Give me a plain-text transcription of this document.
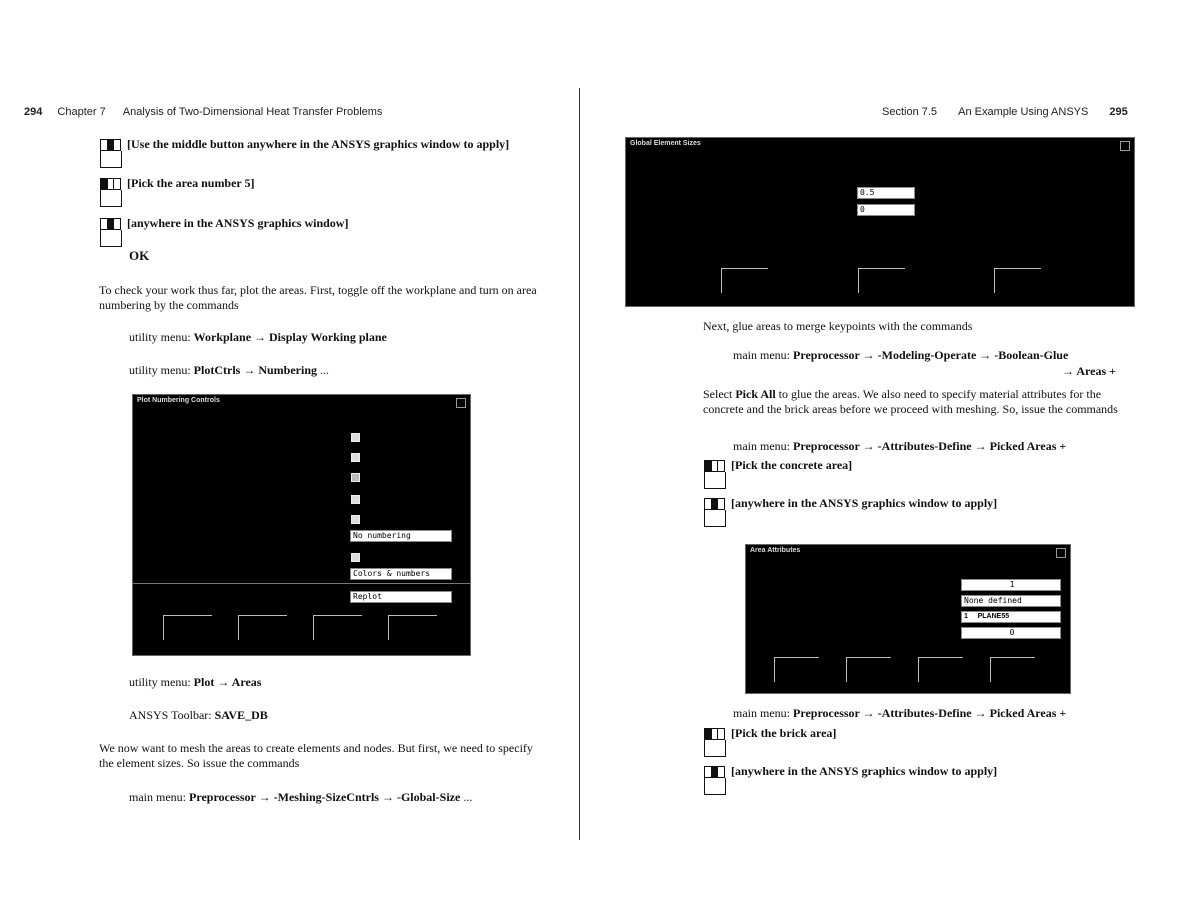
294 Chapter 7 Analysis of Two-Dimensional Heat Transfer Problems
[Use the middle button anywhere in the ANSYS graphics window to apply]
[Pick the area number 5]
[anywhere in the ANSYS graphics window]
OK
To check your work thus far, plot the areas. First, toggle off the workplane and turn on area numbering by the commands
utility menu: Workplane → Display Working plane
utility menu: PlotCtrls → Numbering ...
Plot Numbering Controls
No numbering
Colors & numbers
Replot
utility menu: Plot → Areas
ANSYS Toolbar: SAVE_DB
We now want to mesh the areas to create elements and nodes. But first, we need to specify the element sizes. So issue the commands
main menu: Preprocessor → -Meshing-SizeCntrls → -Global-Size ...
Section 7.5 An Example Using ANSYS 295
Global Element Sizes
0.5
0
Next, glue areas to merge keypoints with the commands
main menu: Preprocessor → -Modeling-Operate → -Boolean-Glue
→ Areas +
Select Pick All to glue the areas. We also need to specify material attributes for the concrete and the brick areas before we proceed with meshing. So, issue the commands
main menu: Preprocessor → -Attributes-Define → Picked Areas +
[Pick the concrete area]
[anywhere in the ANSYS graphics window to apply]
Area Attributes
1
None defined
1     PLANE55
0
main menu: Preprocessor → -Attributes-Define → Picked Areas +
[Pick the brick area]
[anywhere in the ANSYS graphics window to apply]
